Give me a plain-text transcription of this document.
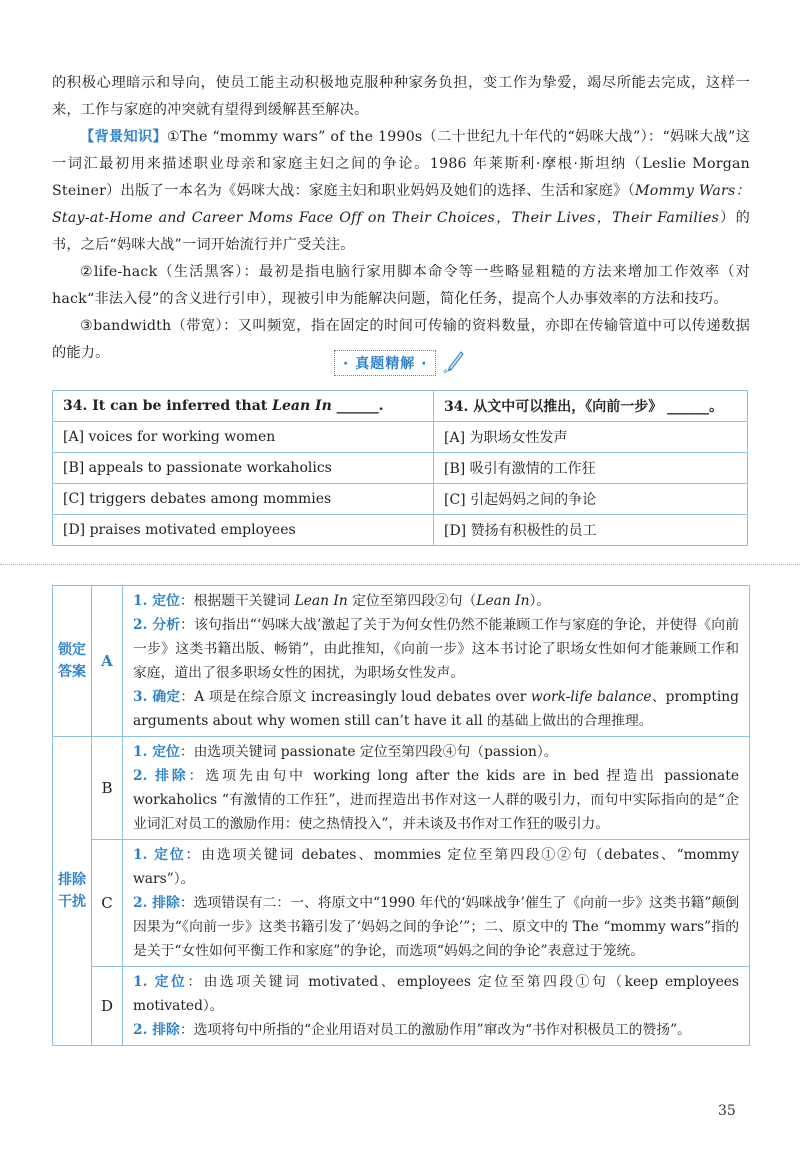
的积极心理暗示和导向，使员工能主动积极地克服种种家务负担，变工作为挚爱，竭尽所能去完成，这样一来，工作与家庭的冲突就有望得到缓解甚至解决。

【背景知识】①The “mommy wars” of the 1990s（二十世纪九十年代的“妈咪大战”）：“妈咪大战”这一词汇最初用来描述职业母亲和家庭主妇之间的争论。1986 年莱斯利·摩根·斯坦纳（Leslie Morgan Steiner）出版了一本名为《妈咪大战：家庭主妇和职业妈妈及她们的选择、生活和家庭》（Mommy Wars：Stay-at-Home and Career Moms Face Off on Their Choices，Their Lives，Their Families）的书，之后“妈咪大战”一词开始流行并广受关注。

②life-hack（生活黑客）：最初是指电脑行家用脚本命令等一些略显粗糙的方法来增加工作效率（对 hack“非法入侵”的含义进行引申），现被引申为能解决问题，简化任务，提高个人办事效率的方法和技巧。

③bandwidth（带宽）：又叫频宽，指在固定的时间可传输的资料数量，亦即在传输管道中可以传递数据的能力。

· 真题精解 ·
34. It can be inferred that Lean In ______.	34. 从文中可以推出，《向前一步》 ______。
[A] voices for working women	[A] 为职场女性发声
[B] appeals to passionate workaholics	[B] 吸引有激情的工作狂
[C] triggers debates among mommies	[C] 引起妈妈之间的争论
[D] praises motivated employees	[D] 赞扬有积极性的员工
锁定答案	A	1. 定位：根据题干关键词 Lean In 定位至第四段②句（Lean In）。

2. 分析：该句指出“‘妈咪大战’激起了关于为何女性仍然不能兼顾工作与家庭的争论，并使得《向前一步》这类书籍出版、畅销”，由此推知，《向前一步》这本书讨论了职场女性如何才能兼顾工作和家庭，道出了很多职场女性的困扰，为职场女性发声。

3. 确定：A 项是在综合原文 increasingly loud debates over work-life balance、prompting arguments about why women still can’t have it all 的基础上做出的合理推理。

排除干扰	B	1. 定位：由选项关键词 passionate 定位至第四段④句（passion）。

2. 排除：选项先由句中 working long after the kids are in bed 捏造出 passionate workaholics “有激情的工作狂”，进而捏造出书作对这一人群的吸引力，而句中实际指向的是“企业词汇对员工的激励作用：使之热情投入”，并未谈及书作对工作狂的吸引力。

	C	1. 定位：由选项关键词 debates、mommies 定位至第四段①②句（debates、“mommy wars”）。

2. 排除：选项错误有二：一、将原文中“1990 年代的‘妈咪战争’催生了《向前一步》这类书籍”颠倒因果为“《向前一步》这类书籍引发了‘妈妈之间的争论’”；二、原文中的 The “mommy wars”指的是关于“女性如何平衡工作和家庭”的争论，而选项“妈妈之间的争论”表意过于笼统。

	D	1. 定位：由选项关键词 motivated、employees 定位至第四段①句（keep employees motivated）。

2. 排除：选项将句中所指的“企业用语对员工的激励作用”窜改为“书作对积极员工的赞扬”。

35
